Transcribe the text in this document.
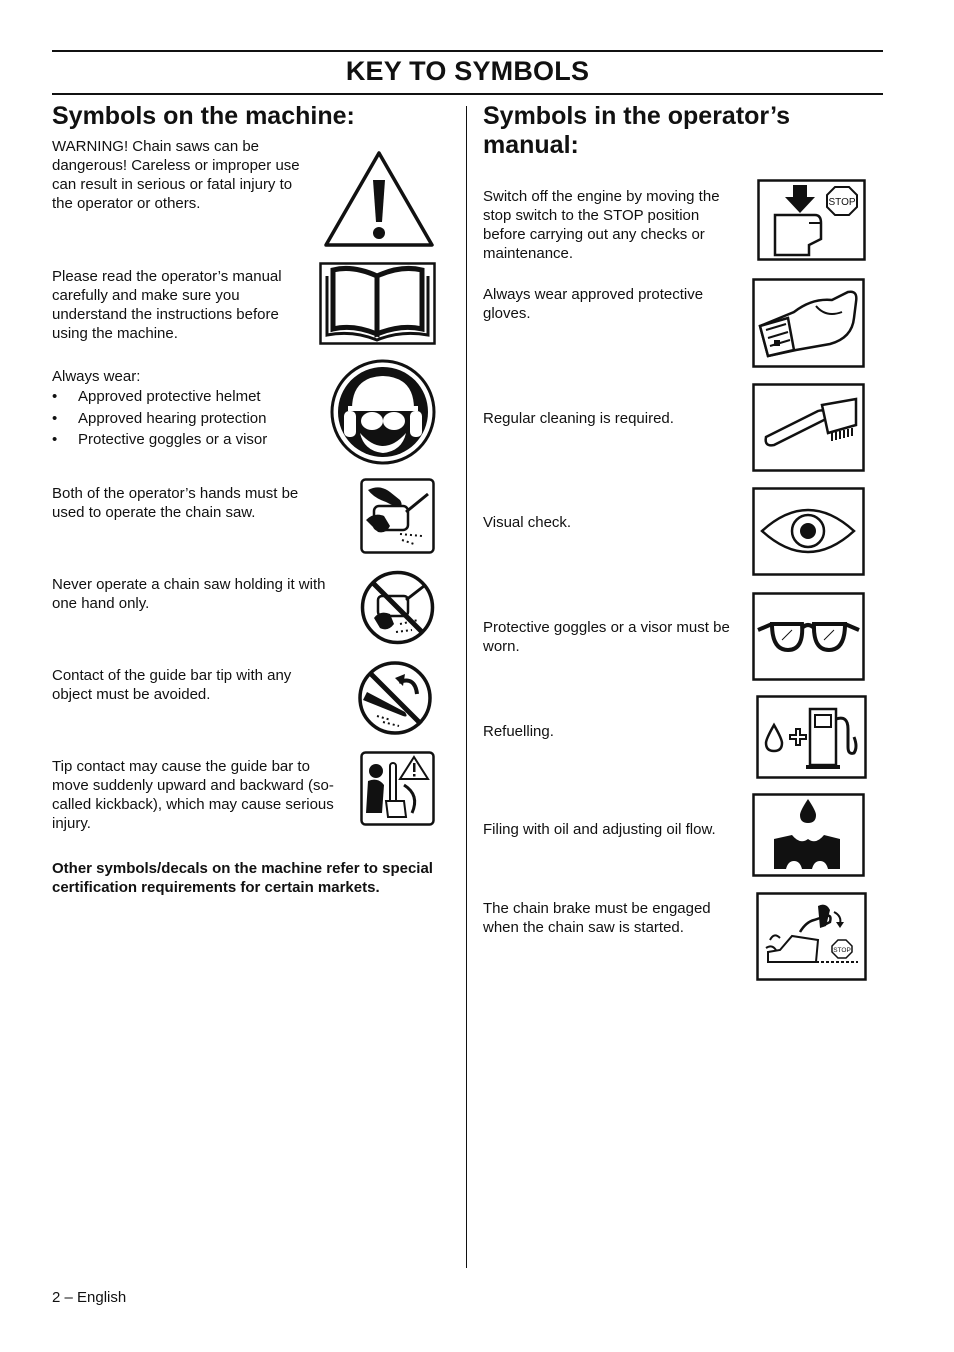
KEY TO SYMBOLS
Symbols on the machine:

WARNING! Chain saws can be dangerous! Careless or improper use can result in serious or fatal injury to the operator or others.

Please read the operator’s manual carefully and make sure you understand the instructions before using the machine.

Always wear:

• Approved protective helmet
• Approved hearing protection
• Protective goggles or a visor

Both of the operator’s hands must be used to operate the chain saw.

Never operate a chain saw holding it with one hand only.

Contact of the guide bar tip with any object must be avoided.

Tip contact may cause the guide bar to move suddenly upward and backward (so-called kickback), which may cause serious injury.

Other symbols/decals on the machine refer to special certification requirements for certain markets.

Symbols in the operator’s manual:

Switch off the engine by moving the stop switch to the STOP position before carrying out any checks or maintenance.

STOP

Always wear approved protective gloves.

Regular cleaning is required.

Visual check.

Protective goggles or a visor must be worn.

Refuelling.

Filing with oil and adjusting oil flow.

The chain brake must be engaged when the chain saw is started.

STOP
2 – English
